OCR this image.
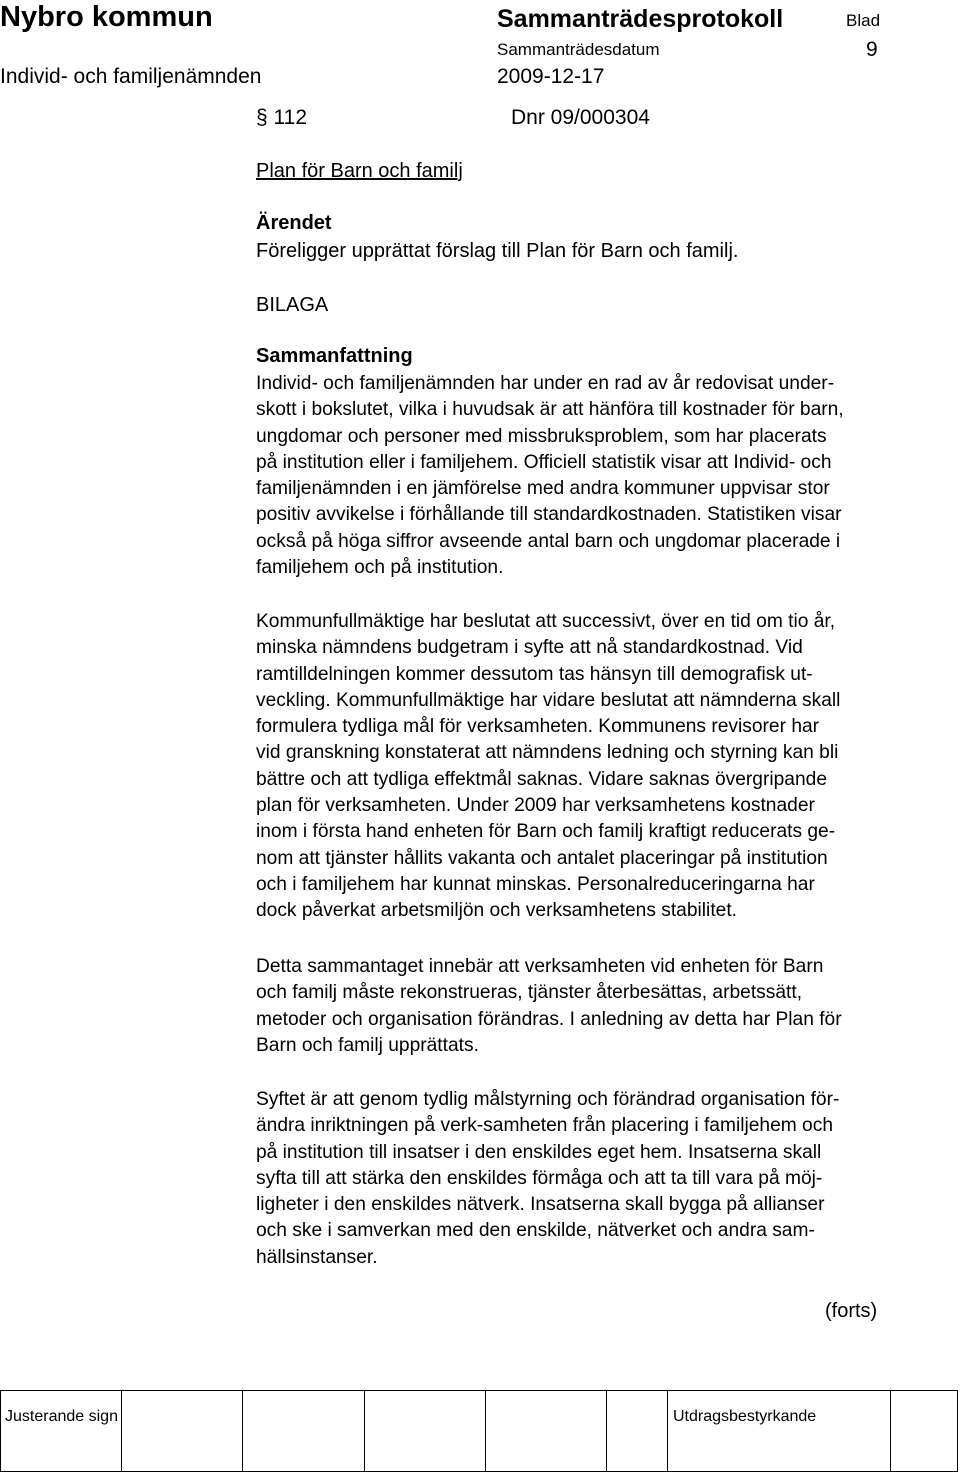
Nybro kommun	Sammanträdesprotokoll	Blad
Sammanträdesdatum	9
Individ- och familjenämnden	2009-12-17
§ 112	Dnr 09/000304
Plan för Barn och familj
Ärendet
Föreligger upprättat förslag till Plan för Barn och familj.
BILAGA
Sammanfattning
Individ- och familjenämnden har under en rad av år redovisat under-
skott i bokslutet, vilka i huvudsak är att hänföra till kostnader för barn,
ungdomar och personer med missbruksproblem, som har placerats
på institution eller i familjehem. Officiell statistik visar att Individ- och
familjenämnden i en jämförelse med andra kommuner uppvisar stor
positiv avvikelse i förhållande till standardkostnaden. Statistiken visar
också på höga siffror avseende antal barn och ungdomar placerade i
familjehem och på institution.
Kommunfullmäktige har beslutat att successivt, över en tid om tio år,
minska nämndens budgetram i syfte att nå standardkostnad. Vid
ramtilldelningen kommer dessutom tas hänsyn till demografisk ut-
veckling. Kommunfullmäktige har vidare beslutat att nämnderna skall
formulera tydliga mål för verksamheten. Kommunens revisorer har
vid granskning konstaterat att nämndens ledning och styrning kan bli
bättre och att tydliga effektmål saknas. Vidare saknas övergripande
plan för verksamheten. Under 2009 har verksamhetens kostnader
inom i första hand enheten för Barn och familj kraftigt reducerats ge-
nom att tjänster hållits vakanta och antalet placeringar på institution
och i familjehem har kunnat minskas. Personalreduceringarna har
dock påverkat arbetsmiljön och verksamhetens stabilitet.
Detta sammantaget innebär att verksamheten vid enheten för Barn
och familj måste rekonstrueras, tjänster återbesättas, arbetssätt,
metoder och organisation förändras. I anledning av detta har Plan för
Barn och familj upprättats.
Syftet är att genom tydlig målstyrning och förändrad organisation för-
ändra inriktningen på verk-samheten från placering i familjehem och
på institution till insatser i den enskildes eget hem. Insatserna skall
syfta till att stärka den enskildes förmåga och att ta till vara på möj-
ligheter i den enskildes nätverk. Insatserna skall bygga på allianser
och ske i samverkan med den enskilde, nätverket och andra sam-
hällsinstanser.
(forts)
Justerande sign	Utdragsbestyrkande
